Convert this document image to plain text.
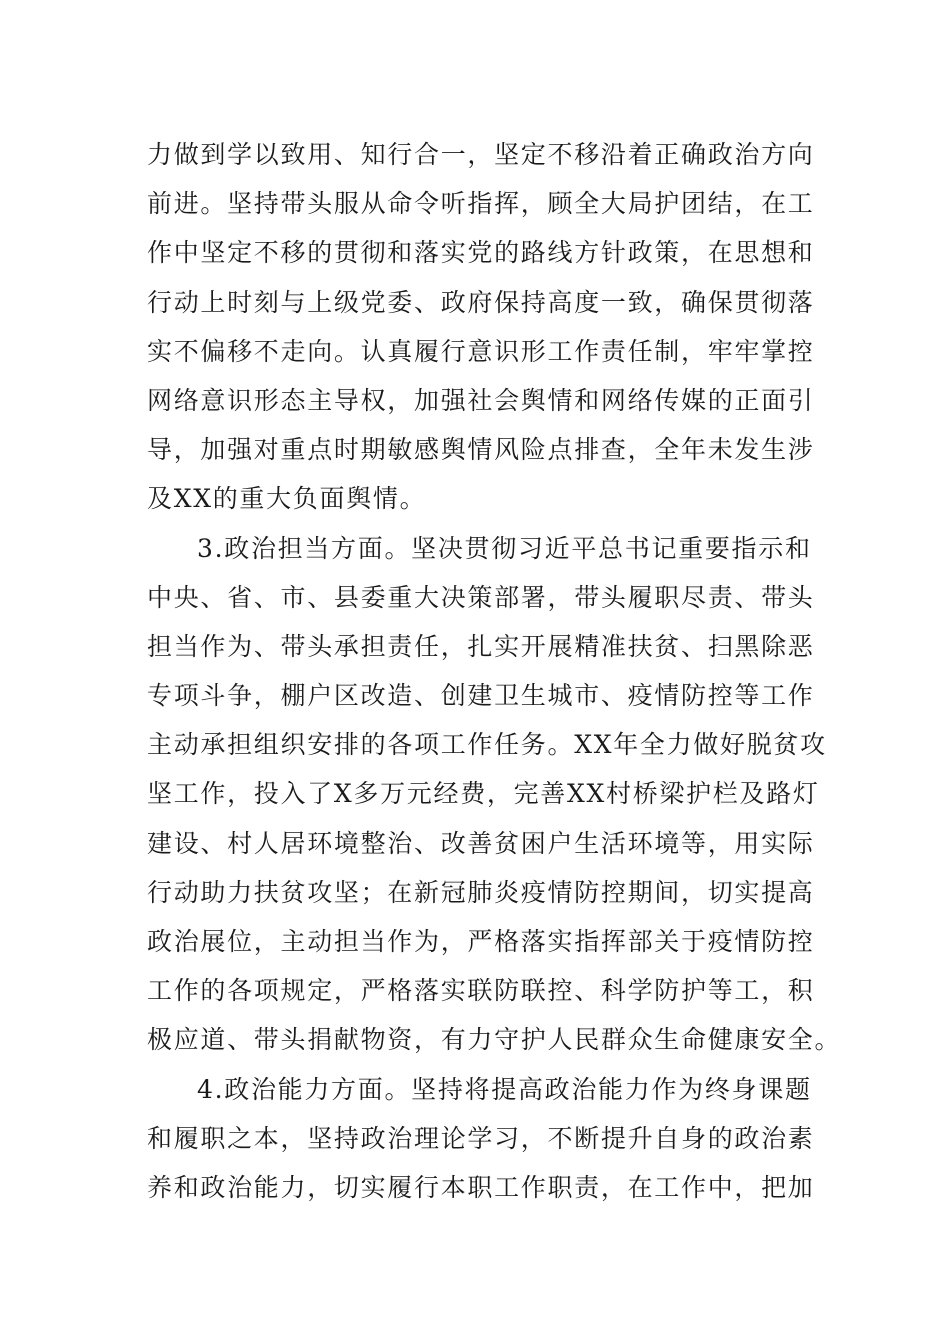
力做到学以致用、知行合一，坚定不移沿着正确政治方向
前进。坚持带头服从命令听指挥，顾全大局护团结，在工
作中坚定不移的贯彻和落实党的路线方针政策，在思想和
行动上时刻与上级党委、政府保持高度一致，确保贯彻落
实不偏移不走向。认真履行意识形工作责任制，牢牢掌控
网络意识形态主导权，加强社会舆情和网络传媒的正面引
导，加强对重点时期敏感舆情风险点排查，全年未发生涉
及XX的重大负面舆情。
3.政治担当方面。坚决贯彻习近平总书记重要指示和
中央、省、市、县委重大决策部署，带头履职尽责、带头
担当作为、带头承担责任，扎实开展精准扶贫、扫黑除恶
专项斗争，棚户区改造、创建卫生城市、疫情防控等工作
主动承担组织安排的各项工作任务。XX年全力做好脱贫攻
坚工作，投入了X多万元经费，完善XX村桥梁护栏及路灯
建设、村人居环境整治、改善贫困户生活环境等，用实际
行动助力扶贫攻坚；在新冠肺炎疫情防控期间，切实提高
政治展位，主动担当作为，严格落实指挥部关于疫情防控
工作的各项规定，严格落实联防联控、科学防护等工，积
极应道、带头捐献物资，有力守护人民群众生命健康安全。
4.政治能力方面。坚持将提高政治能力作为终身课题
和履职之本，坚持政治理论学习，不断提升自身的政治素
养和政治能力，切实履行本职工作职责，在工作中，把加
